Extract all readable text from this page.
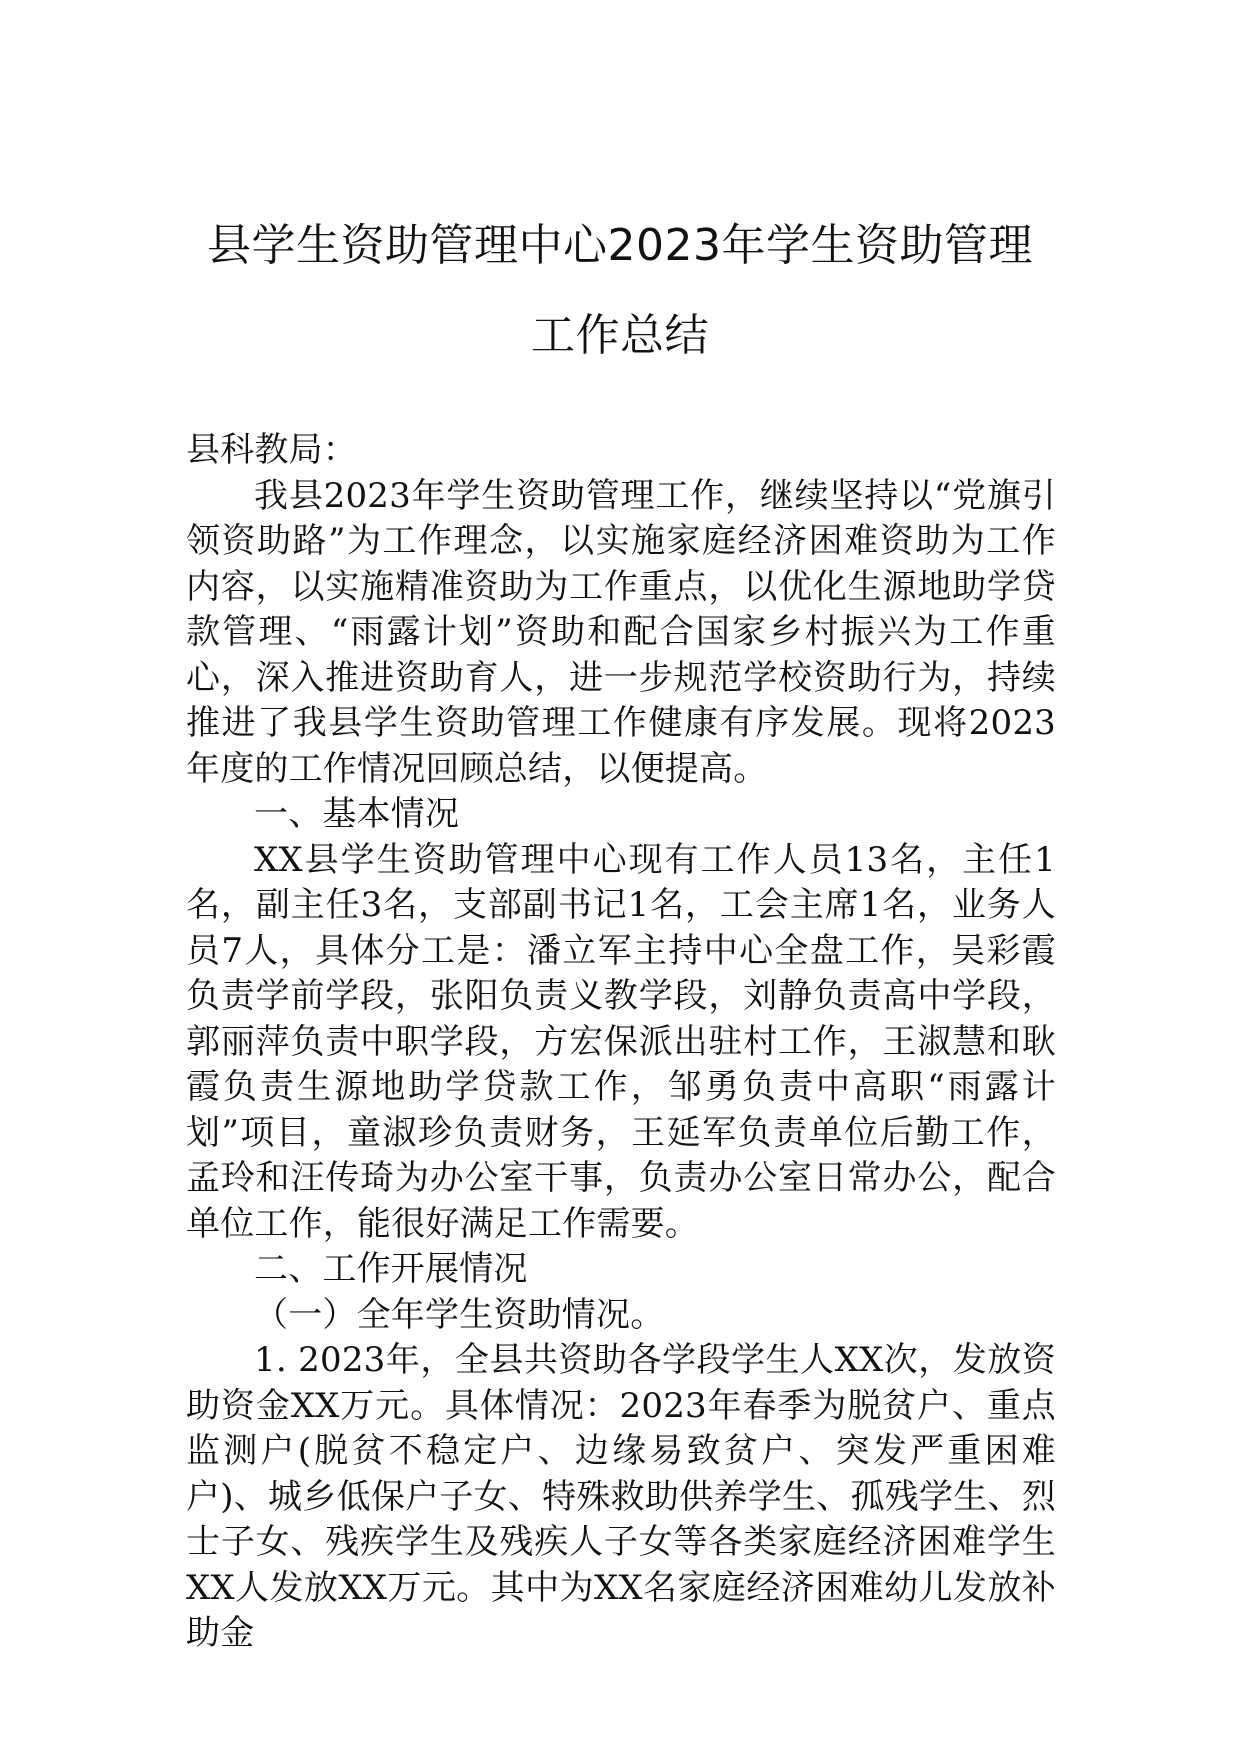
县学生资助管理中心2023年学生资助管理
工作总结

县科教局：

我县2023年学生资助管理工作，继续坚持以“党旗引领资助路”为工作理念，以实施家庭经济困难资助为工作内容，以实施精准资助为工作重点，以优化生源地助学贷款管理、“雨露计划”资助和配合国家乡村振兴为工作重心，深入推进资助育人，进一步规范学校资助行为，持续推进了我县学生资助管理工作健康有序发展。现将2023年度的工作情况回顾总结，以便提高。

一、基本情况

XX县学生资助管理中心现有工作人员13名，主任1名，副主任3名，支部副书记1名，工会主席1名，业务人员7人，具体分工是：潘立军主持中心全盘工作，吴彩霞负责学前学段，张阳负责义教学段，刘静负责高中学段，郭丽萍负责中职学段，方宏保派出驻村工作，王淑慧和耿霞负责生源地助学贷款工作，邹勇负责中高职“雨露计划”项目，童淑珍负责财务，王延军负责单位后勤工作，孟玲和汪传琦为办公室干事，负责办公室日常办公，配合单位工作，能很好满足工作需要。

二、工作开展情况

（一）全年学生资助情况。

1. 2023年，全县共资助各学段学生人XX次，发放资助资金XX万元。具体情况：2023年春季为脱贫户、重点监测户(脱贫不稳定户、边缘易致贫户、突发严重困难户)、城乡低保户子女、特殊救助供养学生、孤残学生、烈士子女、残疾学生及残疾人子女等各类家庭经济困难学生XX人发放XX万元。其中为XX名家庭经济困难幼儿发放补助金
